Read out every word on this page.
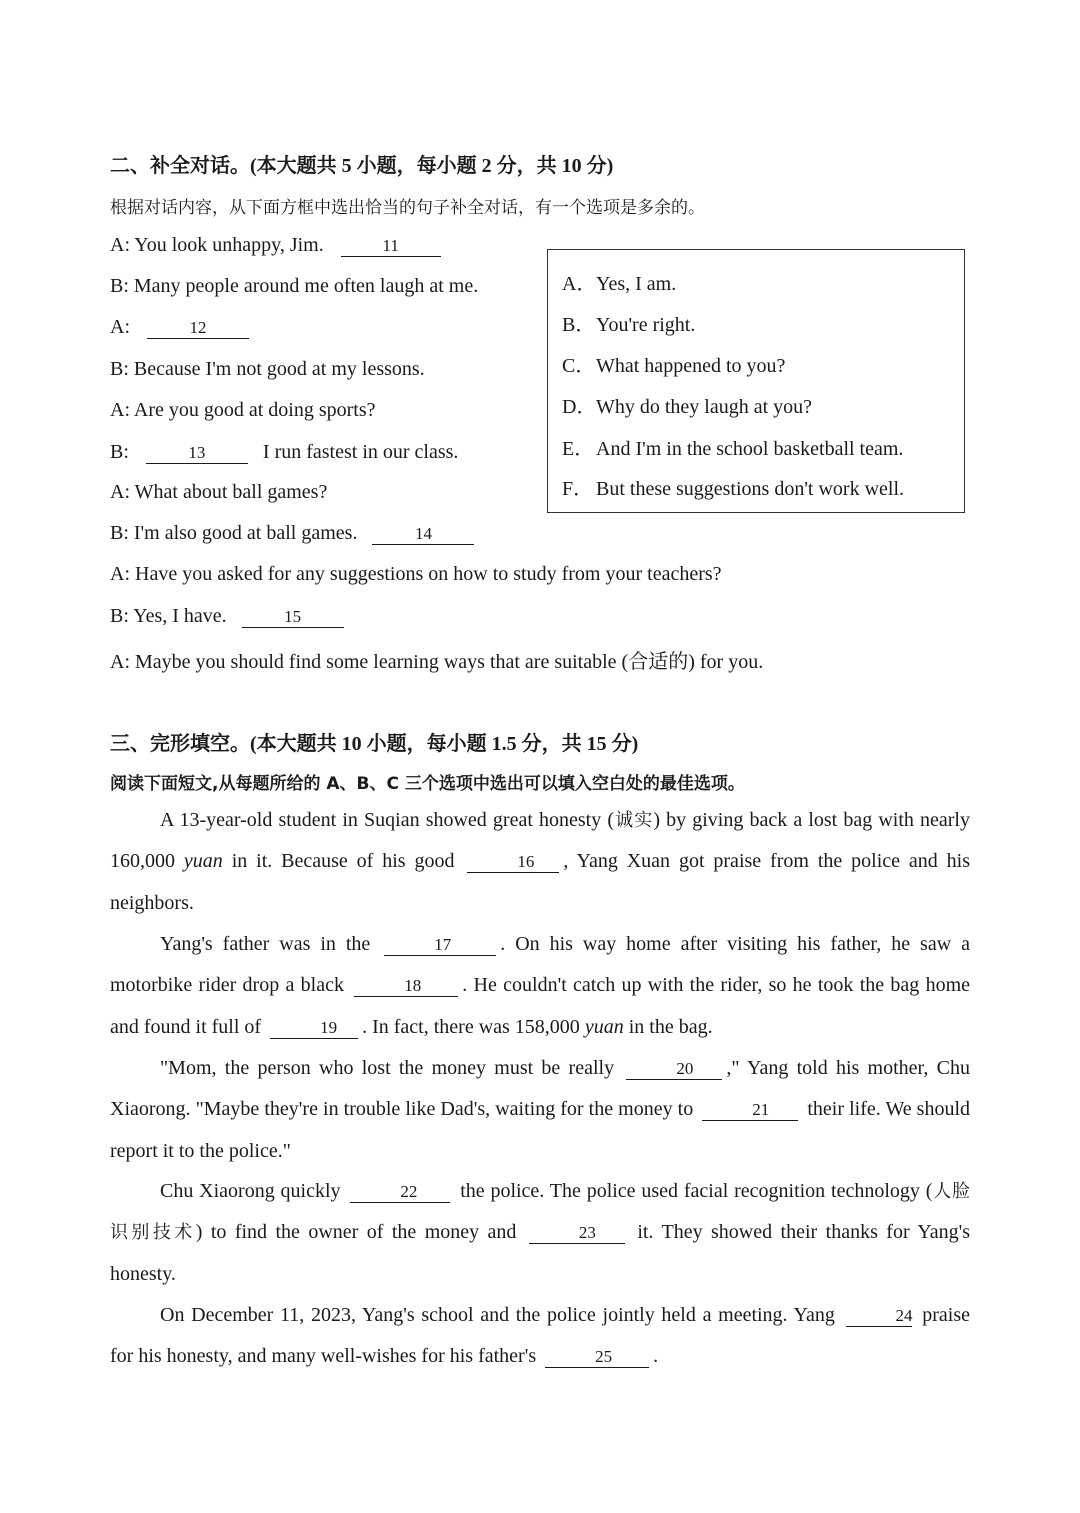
二、补全对话。(本大题共 5 小题，每小题 2 分，共 10 分)
根据对话内容，从下面方框中选出恰当的句子补全对话，有一个选项是多余的。
A: You look unhappy, Jim.	11
B: Many people around me often laugh at me.
A:	12
B: Because I'm not good at my lessons.
A: Are you good at doing sports?
B:	13	I run fastest in our class.
A: What about ball games?
B: I'm also good at ball games.	14
A: Have you asked for any suggestions on how to study from your teachers?
B: Yes, I have.	15
A: Maybe you should find some learning ways that are suitable (合适的) for you.
A．Yes, I am.
B．You're right.
C．What happened to you?
D．Why do they laugh at you?
E．And I'm in the school basketball team.
F． But these suggestions don't work well.
三、完形填空。(本大题共 10 小题，每小题 1.5 分，共 15 分)
阅读下面短文,从每题所给的 A、B、C 三个选项中选出可以填入空白处的最佳选项。

A 13-year-old student in Suqian showed great honesty (诚实) by giving back a lost bag with nearly 160,000 yuan in it. Because of his good	16 , Yang Xuan got praise from the police and his neighbors.

Yang's father was in the	17 . On his way home after visiting his father, he saw a motorbike rider drop a black	18 . He couldn't catch up with the rider, so he took the bag home and found it full of	19 . In fact, there was 158,000 yuan in the bag.

"Mom, the person who lost the money must be really	20 ," Yang told his mother, Chu Xiaorong. "Maybe they're in trouble like Dad's, waiting for the money to	21 their life. We should report it to the police."

Chu Xiaorong quickly	22 the police. The police used facial recognition technology (人脸识别技术) to find the owner of the money and	23 it. They showed their thanks for Yang's honesty.

On December 11, 2023, Yang's school and the police jointly held a meeting. Yang	24 praise for his honesty, and many well-wishes for his father's	25 .
